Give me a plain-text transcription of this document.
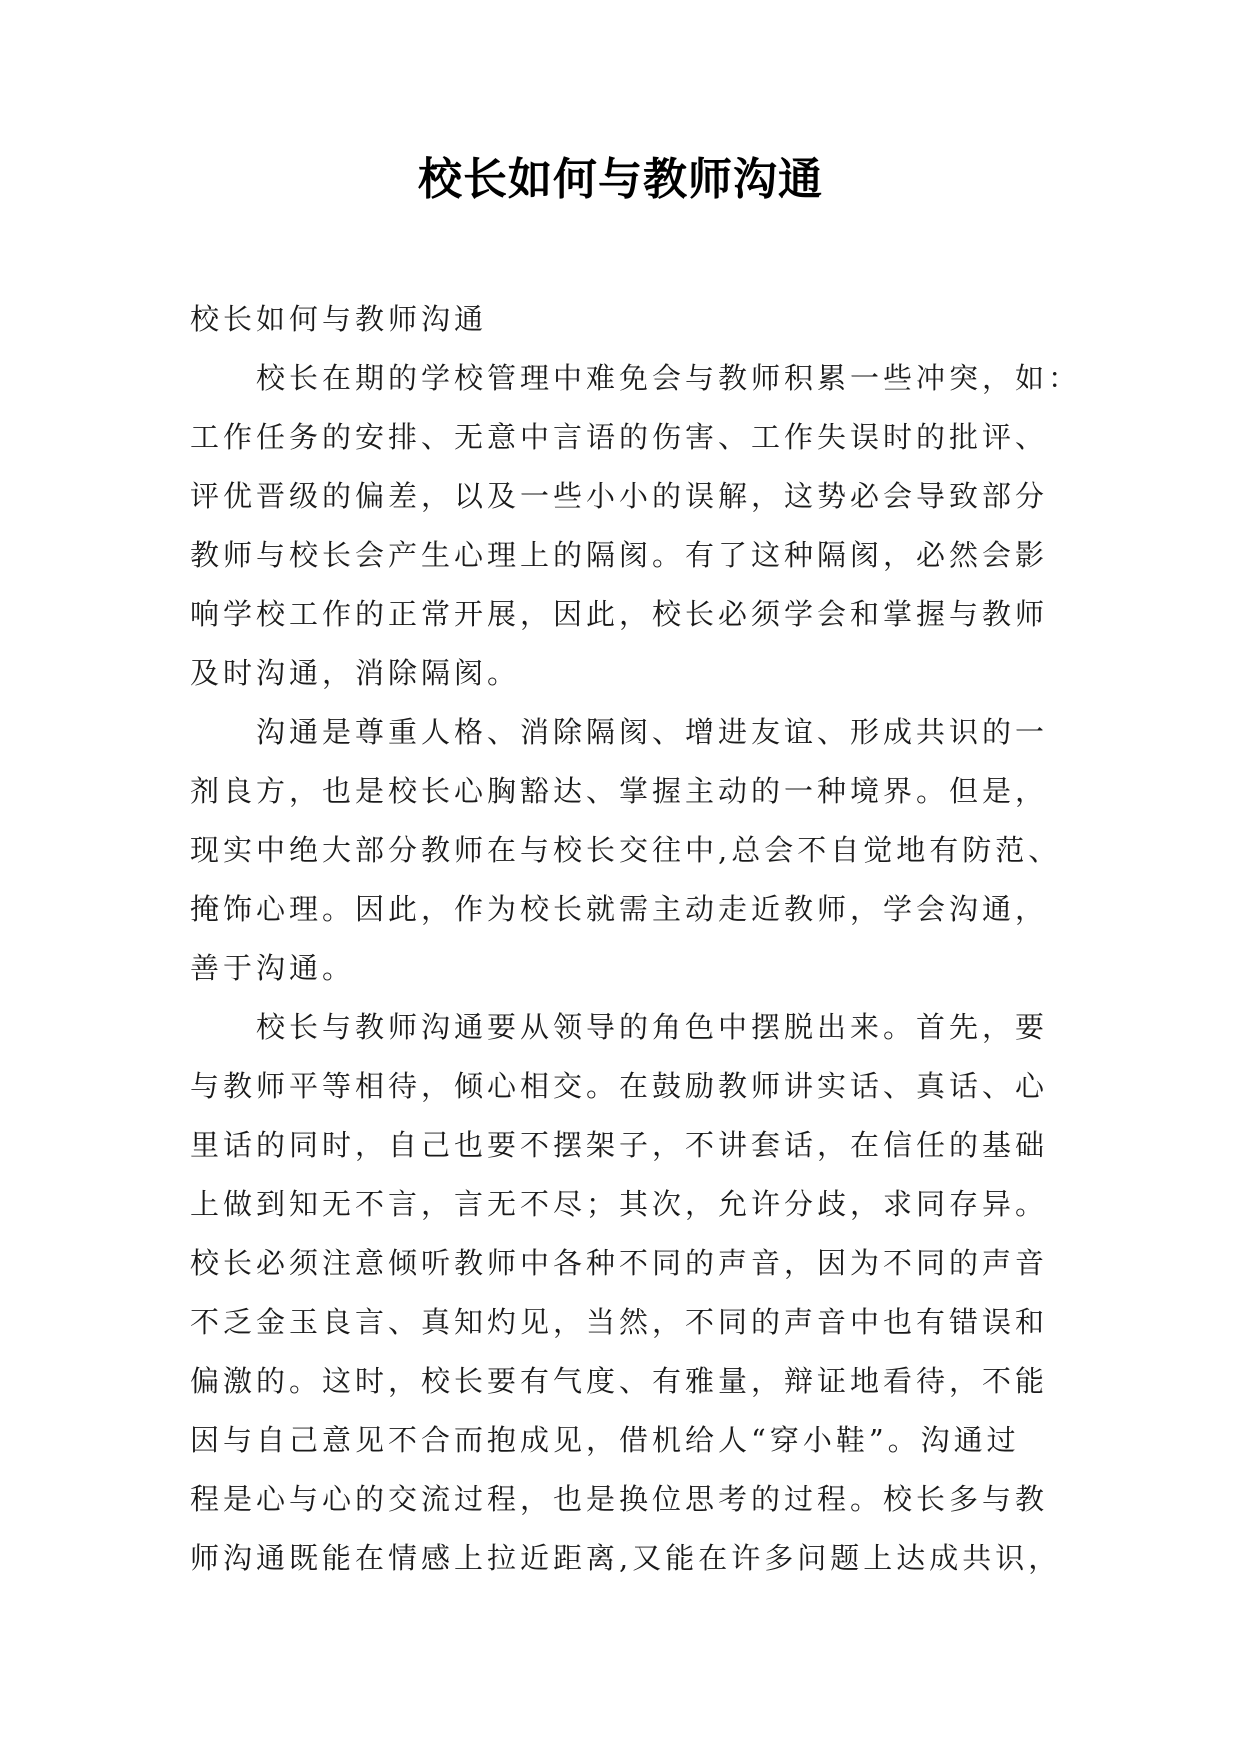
校长如何与教师沟通
校长如何与教师沟通
校长在期的学校管理中难免会与教师积累一些冲突，如：
工作任务的安排、无意中言语的伤害、工作失误时的批评、
评优晋级的偏差，以及一些小小的误解，这势必会导致部分
教师与校长会产生心理上的隔阂。有了这种隔阂，必然会影
响学校工作的正常开展，因此，校长必须学会和掌握与教师
及时沟通，消除隔阂。
沟通是尊重人格、消除隔阂、增进友谊、形成共识的一
剂良方，也是校长心胸豁达、掌握主动的一种境界。但是，
现实中绝大部分教师在与校长交往中,总会不自觉地有防范、
掩饰心理。因此，作为校长就需主动走近教师，学会沟通，
善于沟通。
校长与教师沟通要从领导的角色中摆脱出来。首先，要
与教师平等相待，倾心相交。在鼓励教师讲实话、真话、心
里话的同时，自己也要不摆架子，不讲套话，在信任的基础
上做到知无不言，言无不尽；其次，允许分歧，求同存异。
校长必须注意倾听教师中各种不同的声音，因为不同的声音
不乏金玉良言、真知灼见，当然，不同的声音中也有错误和
偏激的。这时，校长要有气度、有雅量，辩证地看待，不能
因与自己意见不合而抱成见，借机给人“穿小鞋”。沟通过
程是心与心的交流过程，也是换位思考的过程。校长多与教
师沟通既能在情感上拉近距离,又能在许多问题上达成共识，
